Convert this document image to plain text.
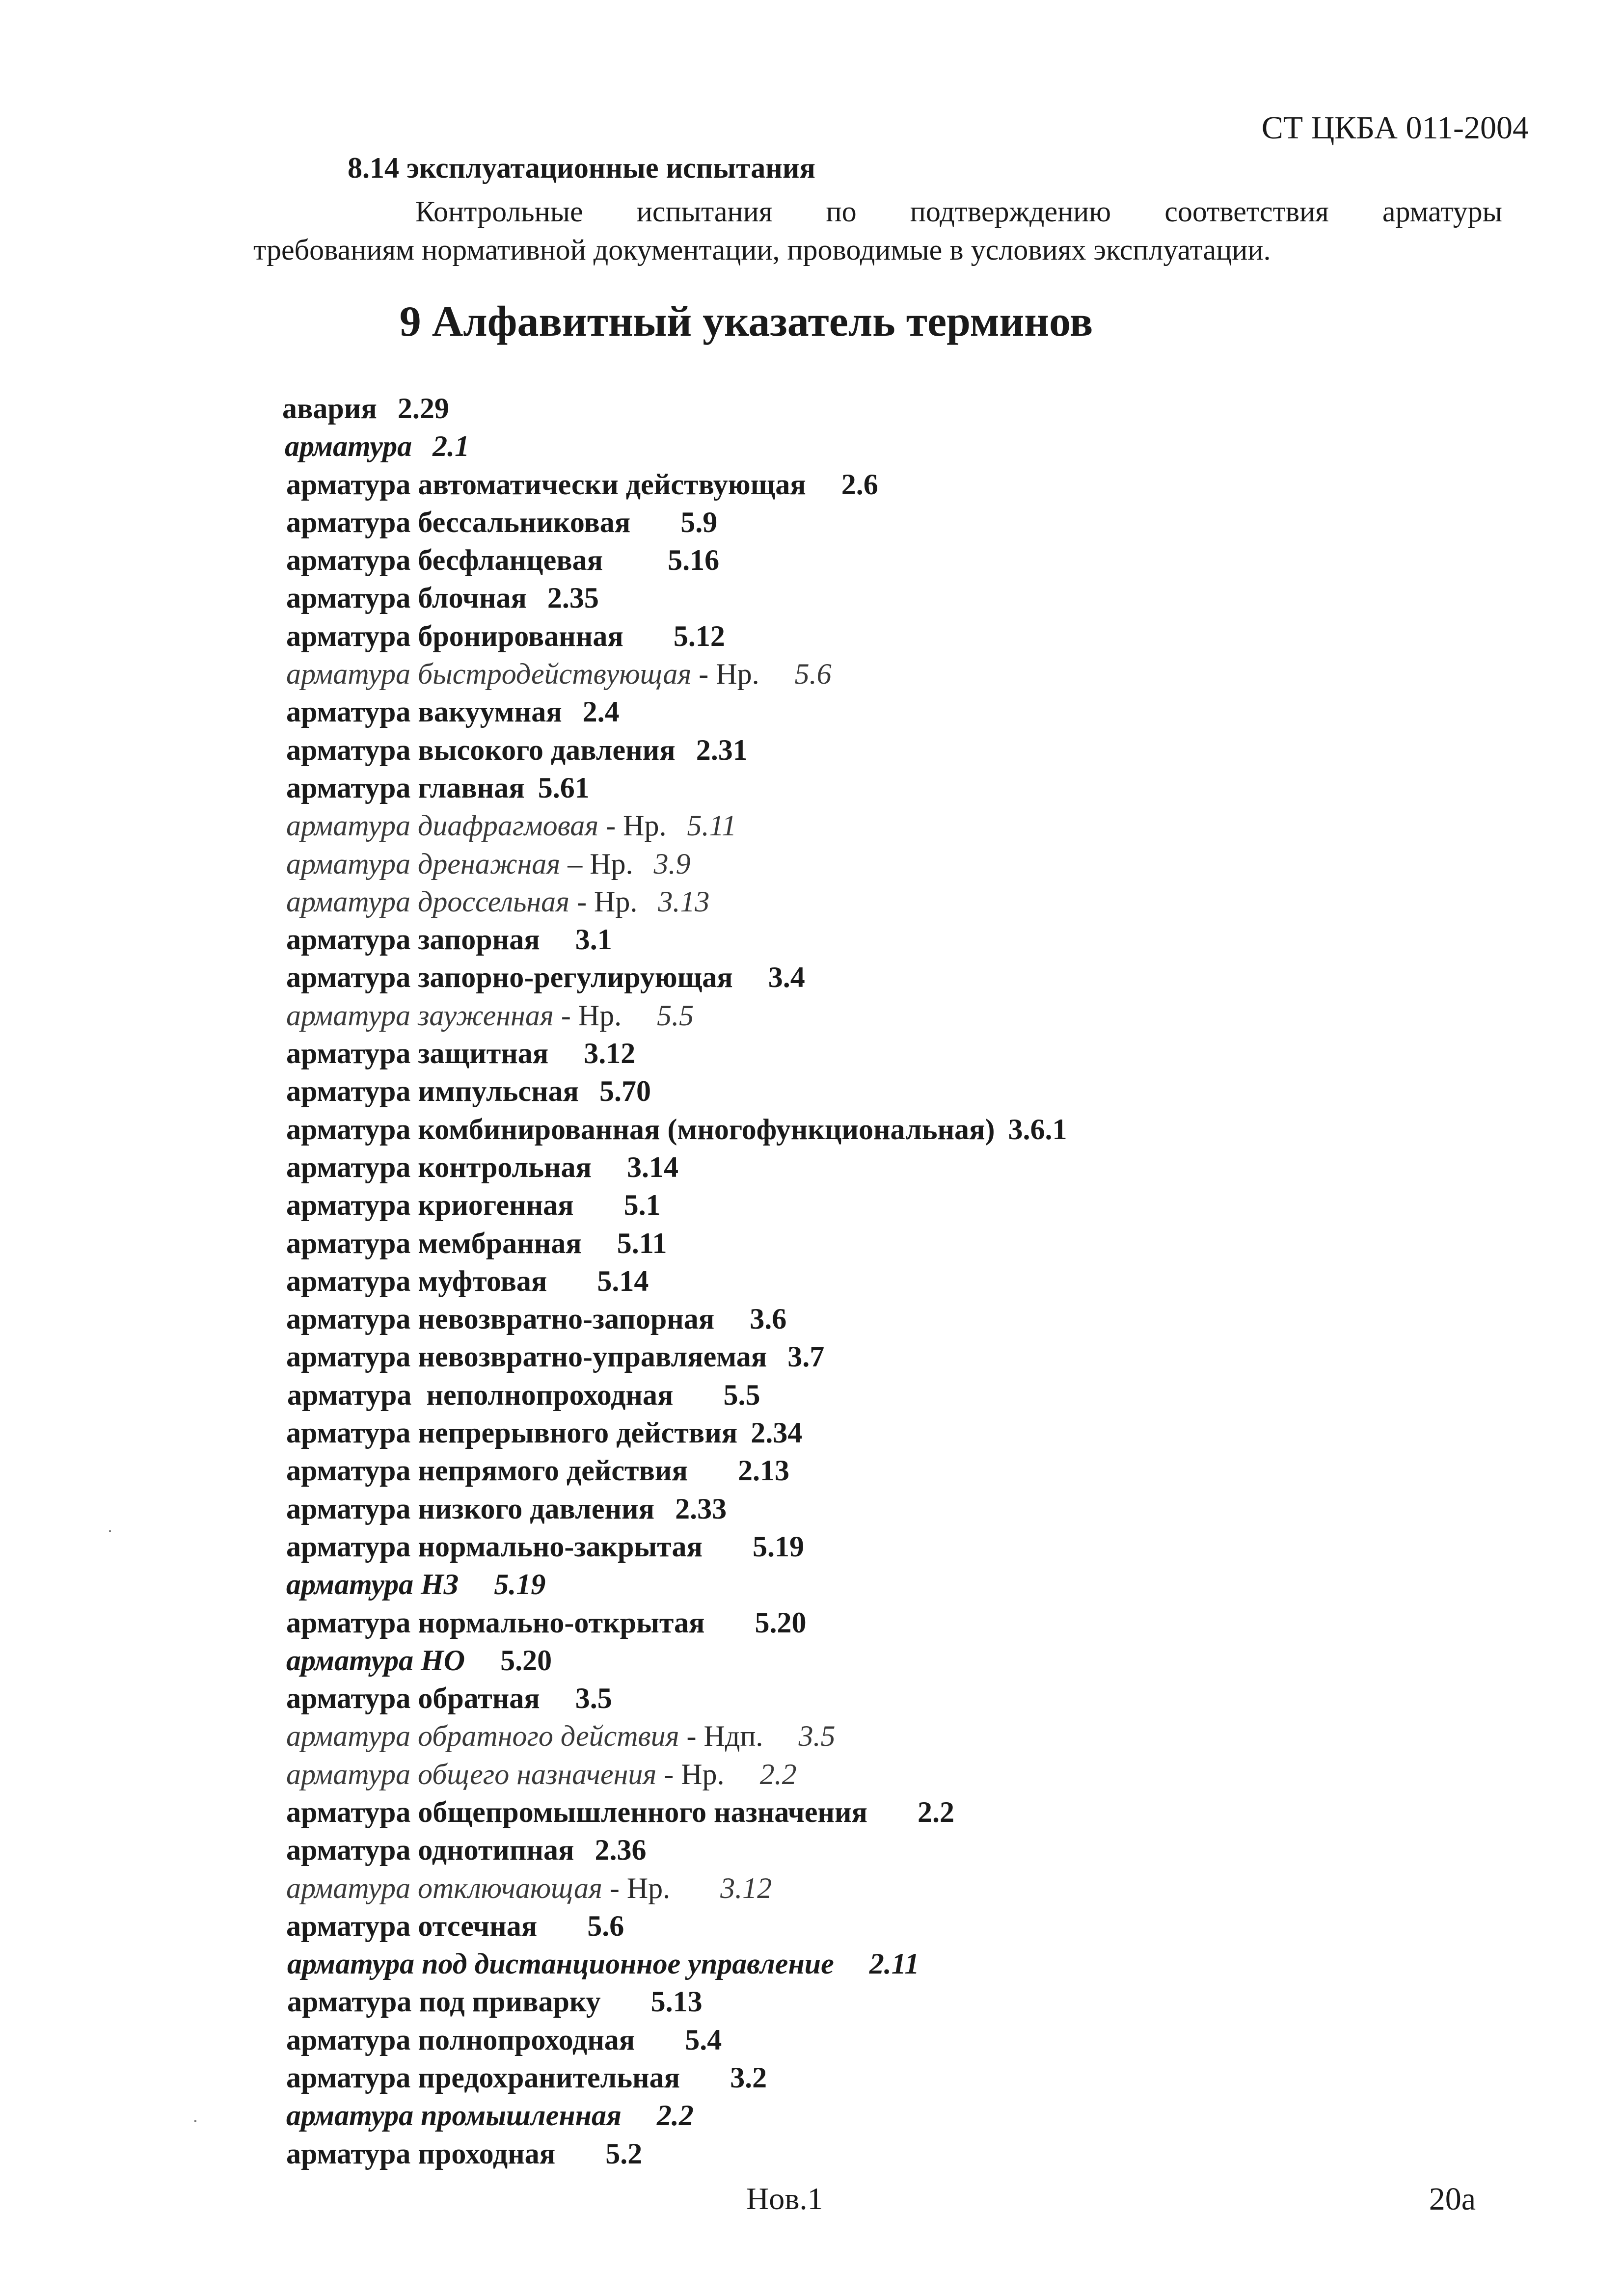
СТ ЦКБА 011-2004
8.14 эксплуатационные испытания

Контрольные испытания по подтверждению соответствия арматуры
требованиям нормативной документации, проводимые в условиях эксплуатации.

9 Алфавитный указатель терминов
авария 2.29
арматура 2.1
арматура автоматически действующая 2.6
арматура бессальниковая 5.9
арматура бесфланцевая 5.16
арматура блочная 2.35
арматура бронированная 5.12
арматура быстродействующая - Нр. 5.6
арматура вакуумная 2.4
арматура высокого давления 2.31
арматура главная 5.61
арматура диафрагмовая - Нр. 5.11
арматура дренажная – Нр. 3.9
арматура дроссельная - Нр. 3.13
арматура запорная 3.1
арматура запорно-регулирующая 3.4
арматура зауженная - Нр. 5.5
арматура защитная 3.12
арматура импульсная 5.70
арматура комбинированная (многофункциональная) 3.6.1
арматура контрольная 3.14
арматура криогенная 5.1
арматура мембранная 5.11
арматура муфтовая 5.14
арматура невозвратно-запорная 3.6
арматура невозвратно-управляемая 3.7
арматура  неполнопроходная 5.5
арматура непрерывного действия 2.34
арматура непрямого действия 2.13
арматура низкого давления 2.33
арматура нормально-закрытая 5.19
арматура НЗ 5.19
арматура нормально-открытая 5.20
арматура НО 5.20
арматура обратная 3.5
арматура обратного действия - Ндп. 3.5
арматура общего назначения - Нр. 2.2
арматура общепромышленного назначения 2.2
арматура однотипная 2.36
арматура отключающая - Нр. 3.12
арматура отсечная 5.6
арматура под дистанционное управление 2.11
арматура под приварку 5.13
арматура полнопроходная 5.4
арматура предохранительная 3.2
арматура промышленная 2.2
арматура проходная 5.2
Нов.1	20а
